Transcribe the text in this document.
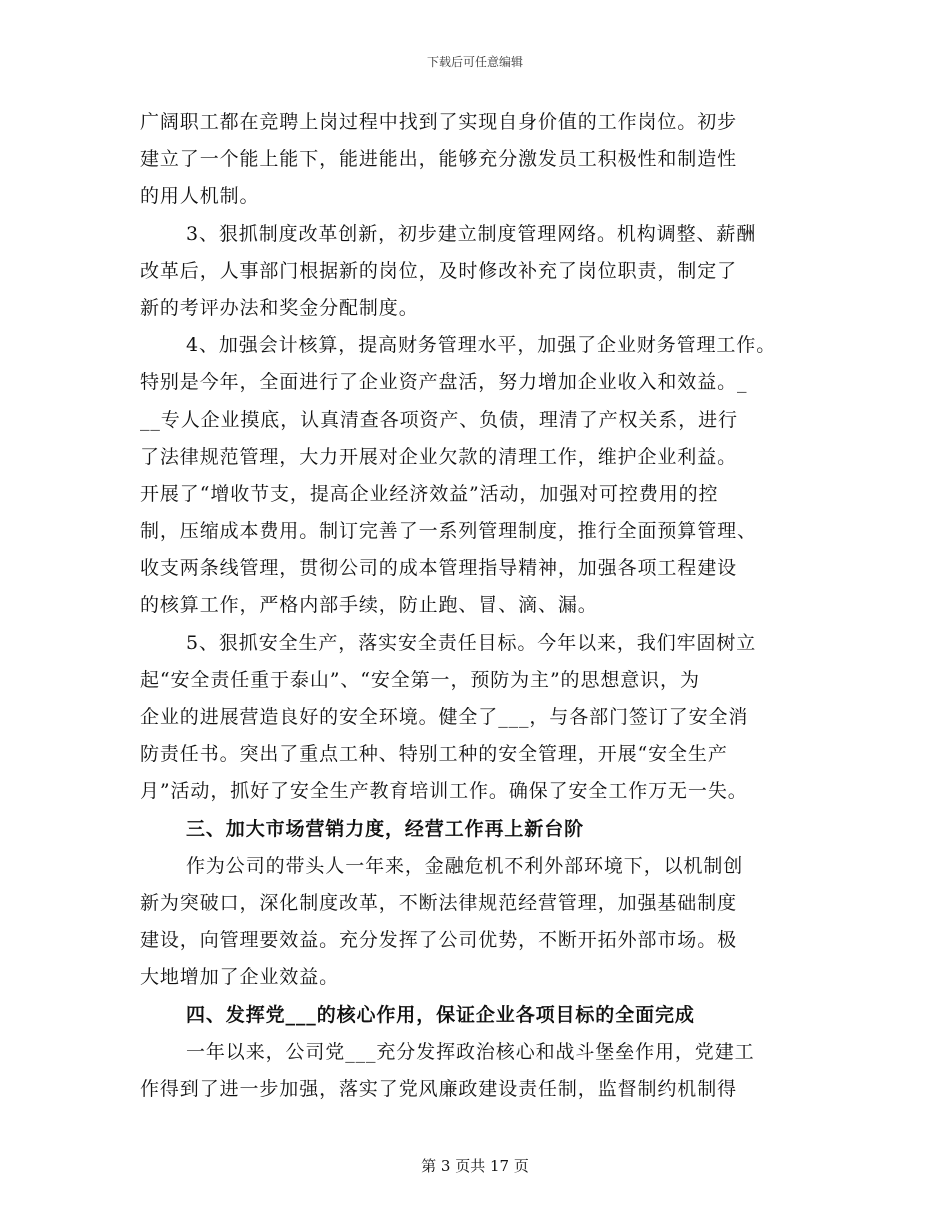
下载后可任意编辑
广阔职工都在竞聘上岗过程中找到了实现自身价值的工作岗位。初步
建立了一个能上能下，能进能出，能够充分激发员工积极性和制造性
的用人机制。
3、狠抓制度改革创新，初步建立制度管理网络。机构调整、薪酬
改革后，人事部门根据新的岗位，及时修改补充了岗位职责，制定了
新的考评办法和奖金分配制度。
4、加强会计核算，提高财务管理水平，加强了企业财务管理工作。
特别是今年，全面进行了企业资产盘活，努力增加企业收入和效益。_
__专人企业摸底，认真清查各项资产、负债，理清了产权关系，进行
了法律规范管理，大力开展对企业欠款的清理工作，维护企业利益。
开展了“增收节支，提高企业经济效益”活动，加强对可控费用的控
制，压缩成本费用。制订完善了一系列管理制度，推行全面预算管理、
收支两条线管理，贯彻公司的成本管理指导精神，加强各项工程建设
的核算工作，严格内部手续，防止跑、冒、滴、漏。
5、狠抓安全生产，落实安全责任目标。今年以来，我们牢固树立
起“安全责任重于泰山”、“安全第一，预防为主”的思想意识，为
企业的进展营造良好的安全环境。健全了___，与各部门签订了安全消
防责任书。突出了重点工种、特别工种的安全管理，开展“安全生产
月”活动，抓好了安全生产教育培训工作。确保了安全工作万无一失。
三、加大市场营销力度，经营工作再上新台阶
作为公司的带头人一年来，金融危机不利外部环境下，以机制创
新为突破口，深化制度改革，不断法律规范经营管理，加强基础制度
建设，向管理要效益。充分发挥了公司优势，不断开拓外部市场。极
大地增加了企业效益。
四、发挥党___的核心作用，保证企业各项目标的全面完成
一年以来，公司党___充分发挥政治核心和战斗堡垒作用，党建工
作得到了进一步加强，落实了党风廉政建设责任制，监督制约机制得
第 3 页共 17 页
